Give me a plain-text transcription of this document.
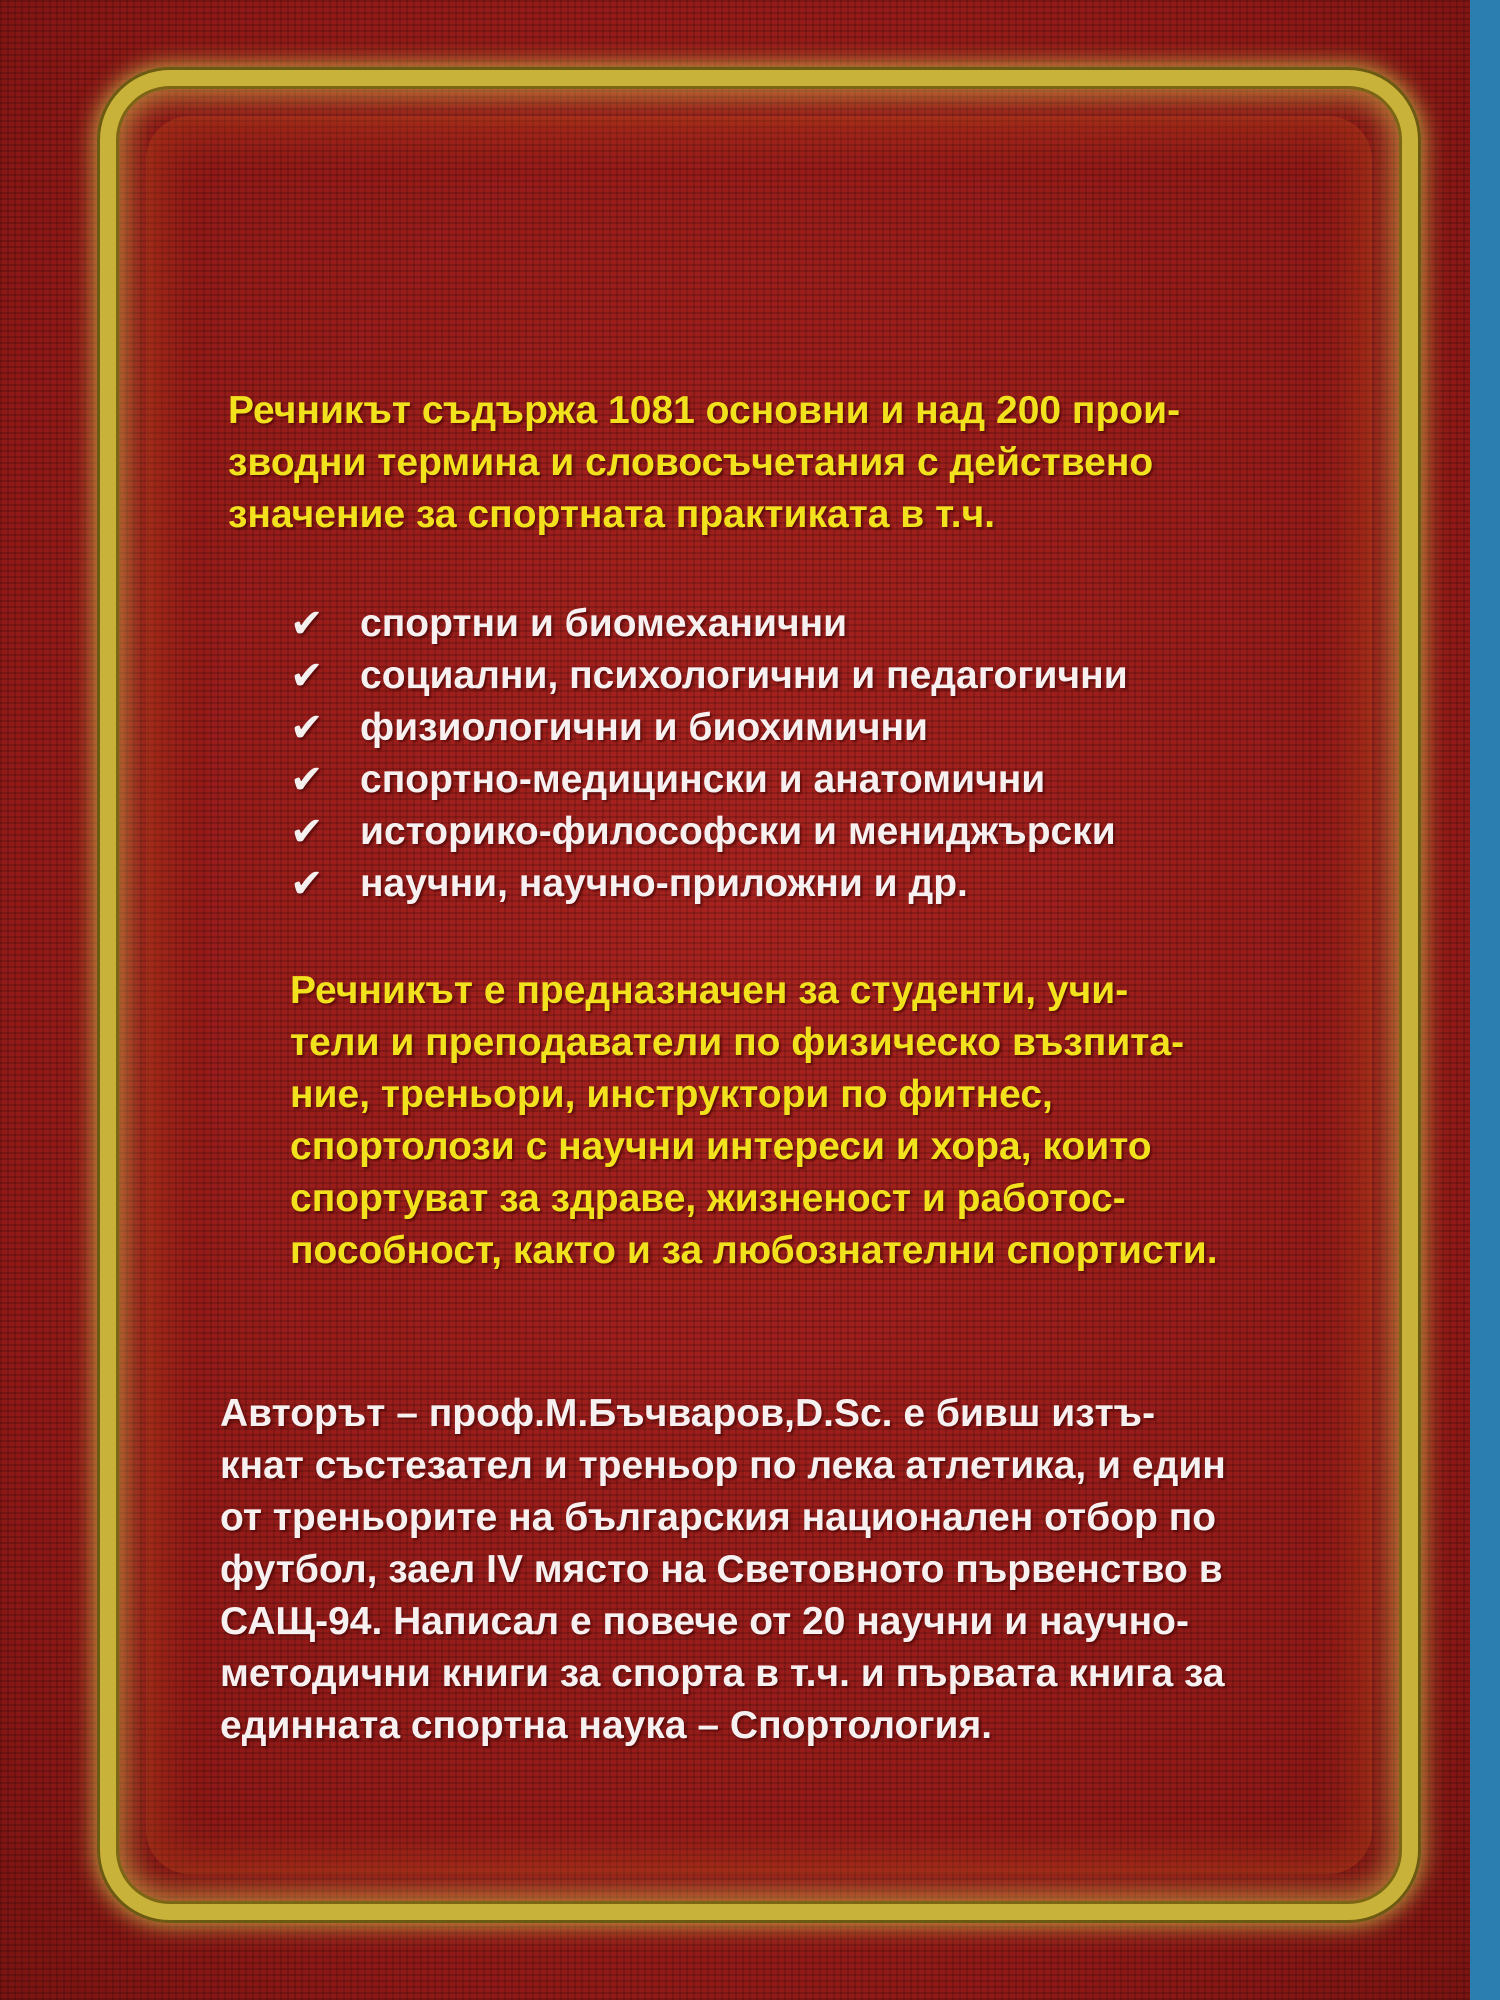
Речникът съдържа 1081 основни и над 200 прои-
зводни термина и словосъчетания с действено
значение за спортната практиката в т.ч.

✔ спортни и биомеханични
✔ социални, психологични и педагогични
✔ физиологични и биохимични
✔ спортно-медицински и анатомични
✔ историко-философски и мениджърски
✔ научни, научно-приложни и др.

Речникът е предназначен за студенти, учи-
тели и преподаватели по физическо възпита-
ние, треньори, инструктори по фитнес,
спортолози с научни интереси и хора, които
спортуват за здраве, жизненост и работос-
пособност, както и за любознателни спортисти.

Авторът – проф.М.Бъчваров,D.Sc. е бивш изтъ-
кнат състезател и треньор по лека атлетика, и един
от треньорите на българския национален отбор по
футбол, заел IV място на Световното първенство в
САЩ-94. Написал е повече от 20 научни и научно-
методични книги за спорта в т.ч. и първата книга за
единната спортна наука – Спортология.
